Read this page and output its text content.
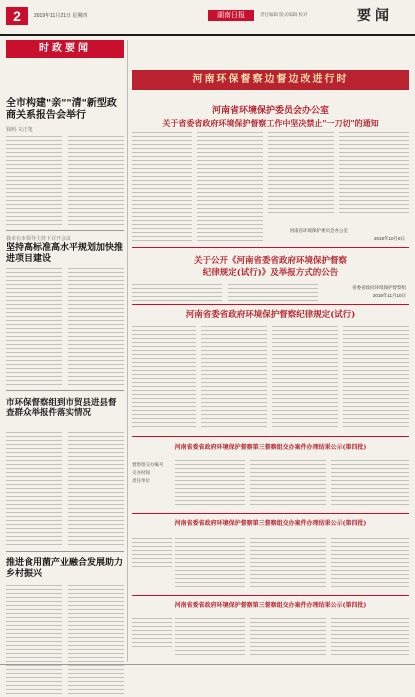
2	2019年11月21日 星期四	湖南日报	责任编辑 版式编辑 校对	要闻
时政要闻
全市构建"亲""清"新型政商关系报告会举行
钱明·文正笔
我市在市领导主持下召开会议
坚持高标准高水平规划加快推进项目建设
市环保督察组到市贸县进县督查群众举报件落实情况
推进食用菌产业融合发展助力乡村振兴
河南环保督察边督边改进行时
河南省环境保护委员会办公室
关于省委省政府环境保护督察工作中坚决禁止"一刀切"的通知
河南省环境保护委员会办公室
2019年10月8日
关于公开《河南省委省政府环境保护督察
纪律规定(试行)》及举报方式的公告
省委省政府环境保护督察组
2019年11月10日
河南省委省政府环境保护督察纪律规定(试行)
河南省委省政府环境保护督察第三督察组交办案件办理结果公示(第四批)
督察组交办编号
交办时间
责任单位
河南省委省政府环境保护督察第三督察组交办案件办理结果公示(第四批)
河南省委省政府环境保护督察第三督察组交办案件办理结果公示(第四批)
